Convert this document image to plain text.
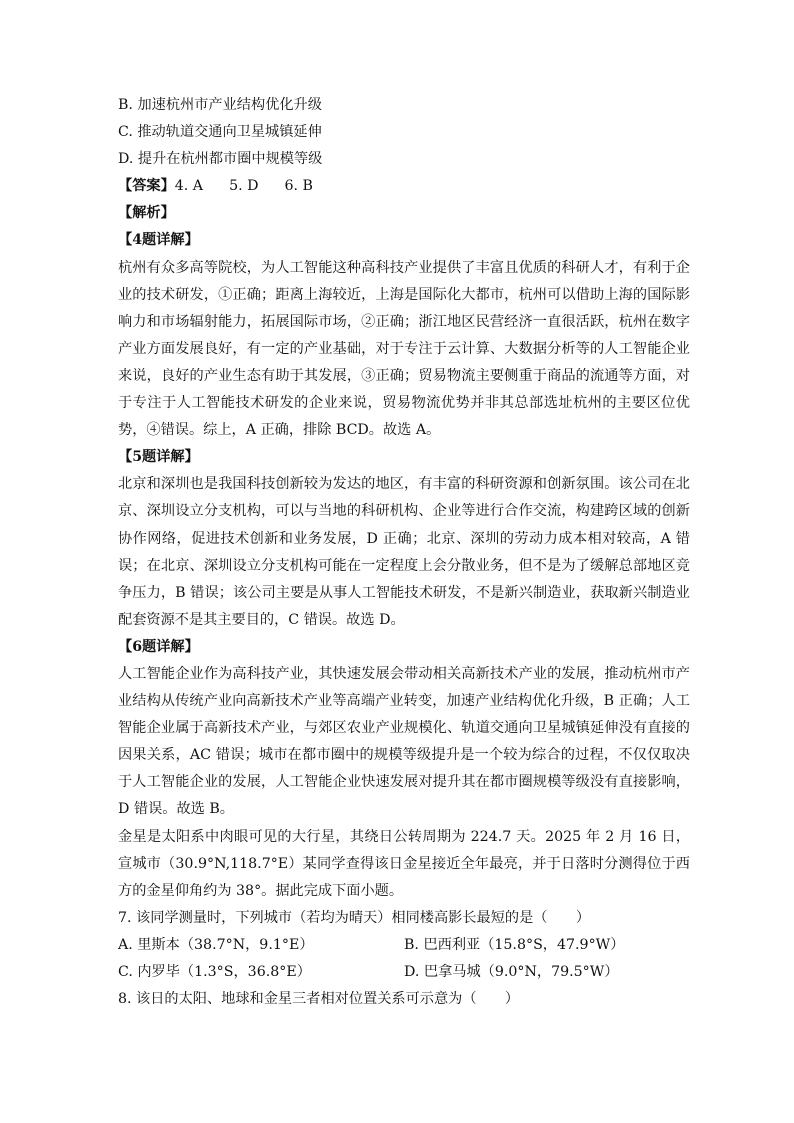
B. 加速杭州市产业结构优化升级

C. 推动轨道交通向卫星城镇延伸

D. 提升在杭州都市圈中规模等级

【答案】4. A 5. D 6. B

【解析】

【4题详解】

杭州有众多高等院校，为人工智能这种高科技产业提供了丰富且优质的科研人才，有利于企业的技术研发，①正确；距离上海较近，上海是国际化大都市，杭州可以借助上海的国际影响力和市场辐射能力，拓展国际市场，②正确；浙江地区民营经济一直很活跃，杭州在数字产业方面发展良好，有一定的产业基础，对于专注于云计算、大数据分析等的人工智能企业来说，良好的产业生态有助于其发展，③正确；贸易物流主要侧重于商品的流通等方面，对于专注于人工智能技术研发的企业来说，贸易物流优势并非其总部选址杭州的主要区位优势，④错误。综上，A 正确，排除 BCD。故选 A。

【5题详解】

北京和深圳也是我国科技创新较为发达的地区，有丰富的科研资源和创新氛围。该公司在北京、深圳设立分支机构，可以与当地的科研机构、企业等进行合作交流，构建跨区域的创新协作网络，促进技术创新和业务发展，D 正确；北京、深圳的劳动力成本相对较高，A 错误；在北京、深圳设立分支机构可能在一定程度上会分散业务，但不是为了缓解总部地区竞争压力，B 错误；该公司主要是从事人工智能技术研发，不是新兴制造业，获取新兴制造业配套资源不是其主要目的，C 错误。故选 D。

【6题详解】

人工智能企业作为高科技产业，其快速发展会带动相关高新技术产业的发展，推动杭州市产业结构从传统产业向高新技术产业等高端产业转变，加速产业结构优化升级，B 正确；人工智能企业属于高新技术产业，与郊区农业产业规模化、轨道交通向卫星城镇延伸没有直接的因果关系，AC 错误；城市在都市圈中的规模等级提升是一个较为综合的过程，不仅仅取决于人工智能企业的发展，人工智能企业快速发展对提升其在都市圈规模等级没有直接影响，D 错误。故选 B。

金星是太阳系中肉眼可见的大行星，其绕日公转周期为 224.7 天。2025 年 2 月 16 日，宣城市（30.9°N,118.7°E）某同学查得该日金星接近全年最亮，并于日落时分测得位于西方的金星仰角约为 38°。据此完成下面小题。

7. 该同学测量时，下列城市（若均为晴天）相同楼高影长最短的是（　　）

A. 里斯本（38.7°N，9.1°E）	B. 巴西利亚（15.8°S，47.9°W）
C. 内罗毕（1.3°S，36.8°E）	D. 巴拿马城（9.0°N，79.5°W）

8. 该日的太阳、地球和金星三者相对位置关系可示意为（　　）
